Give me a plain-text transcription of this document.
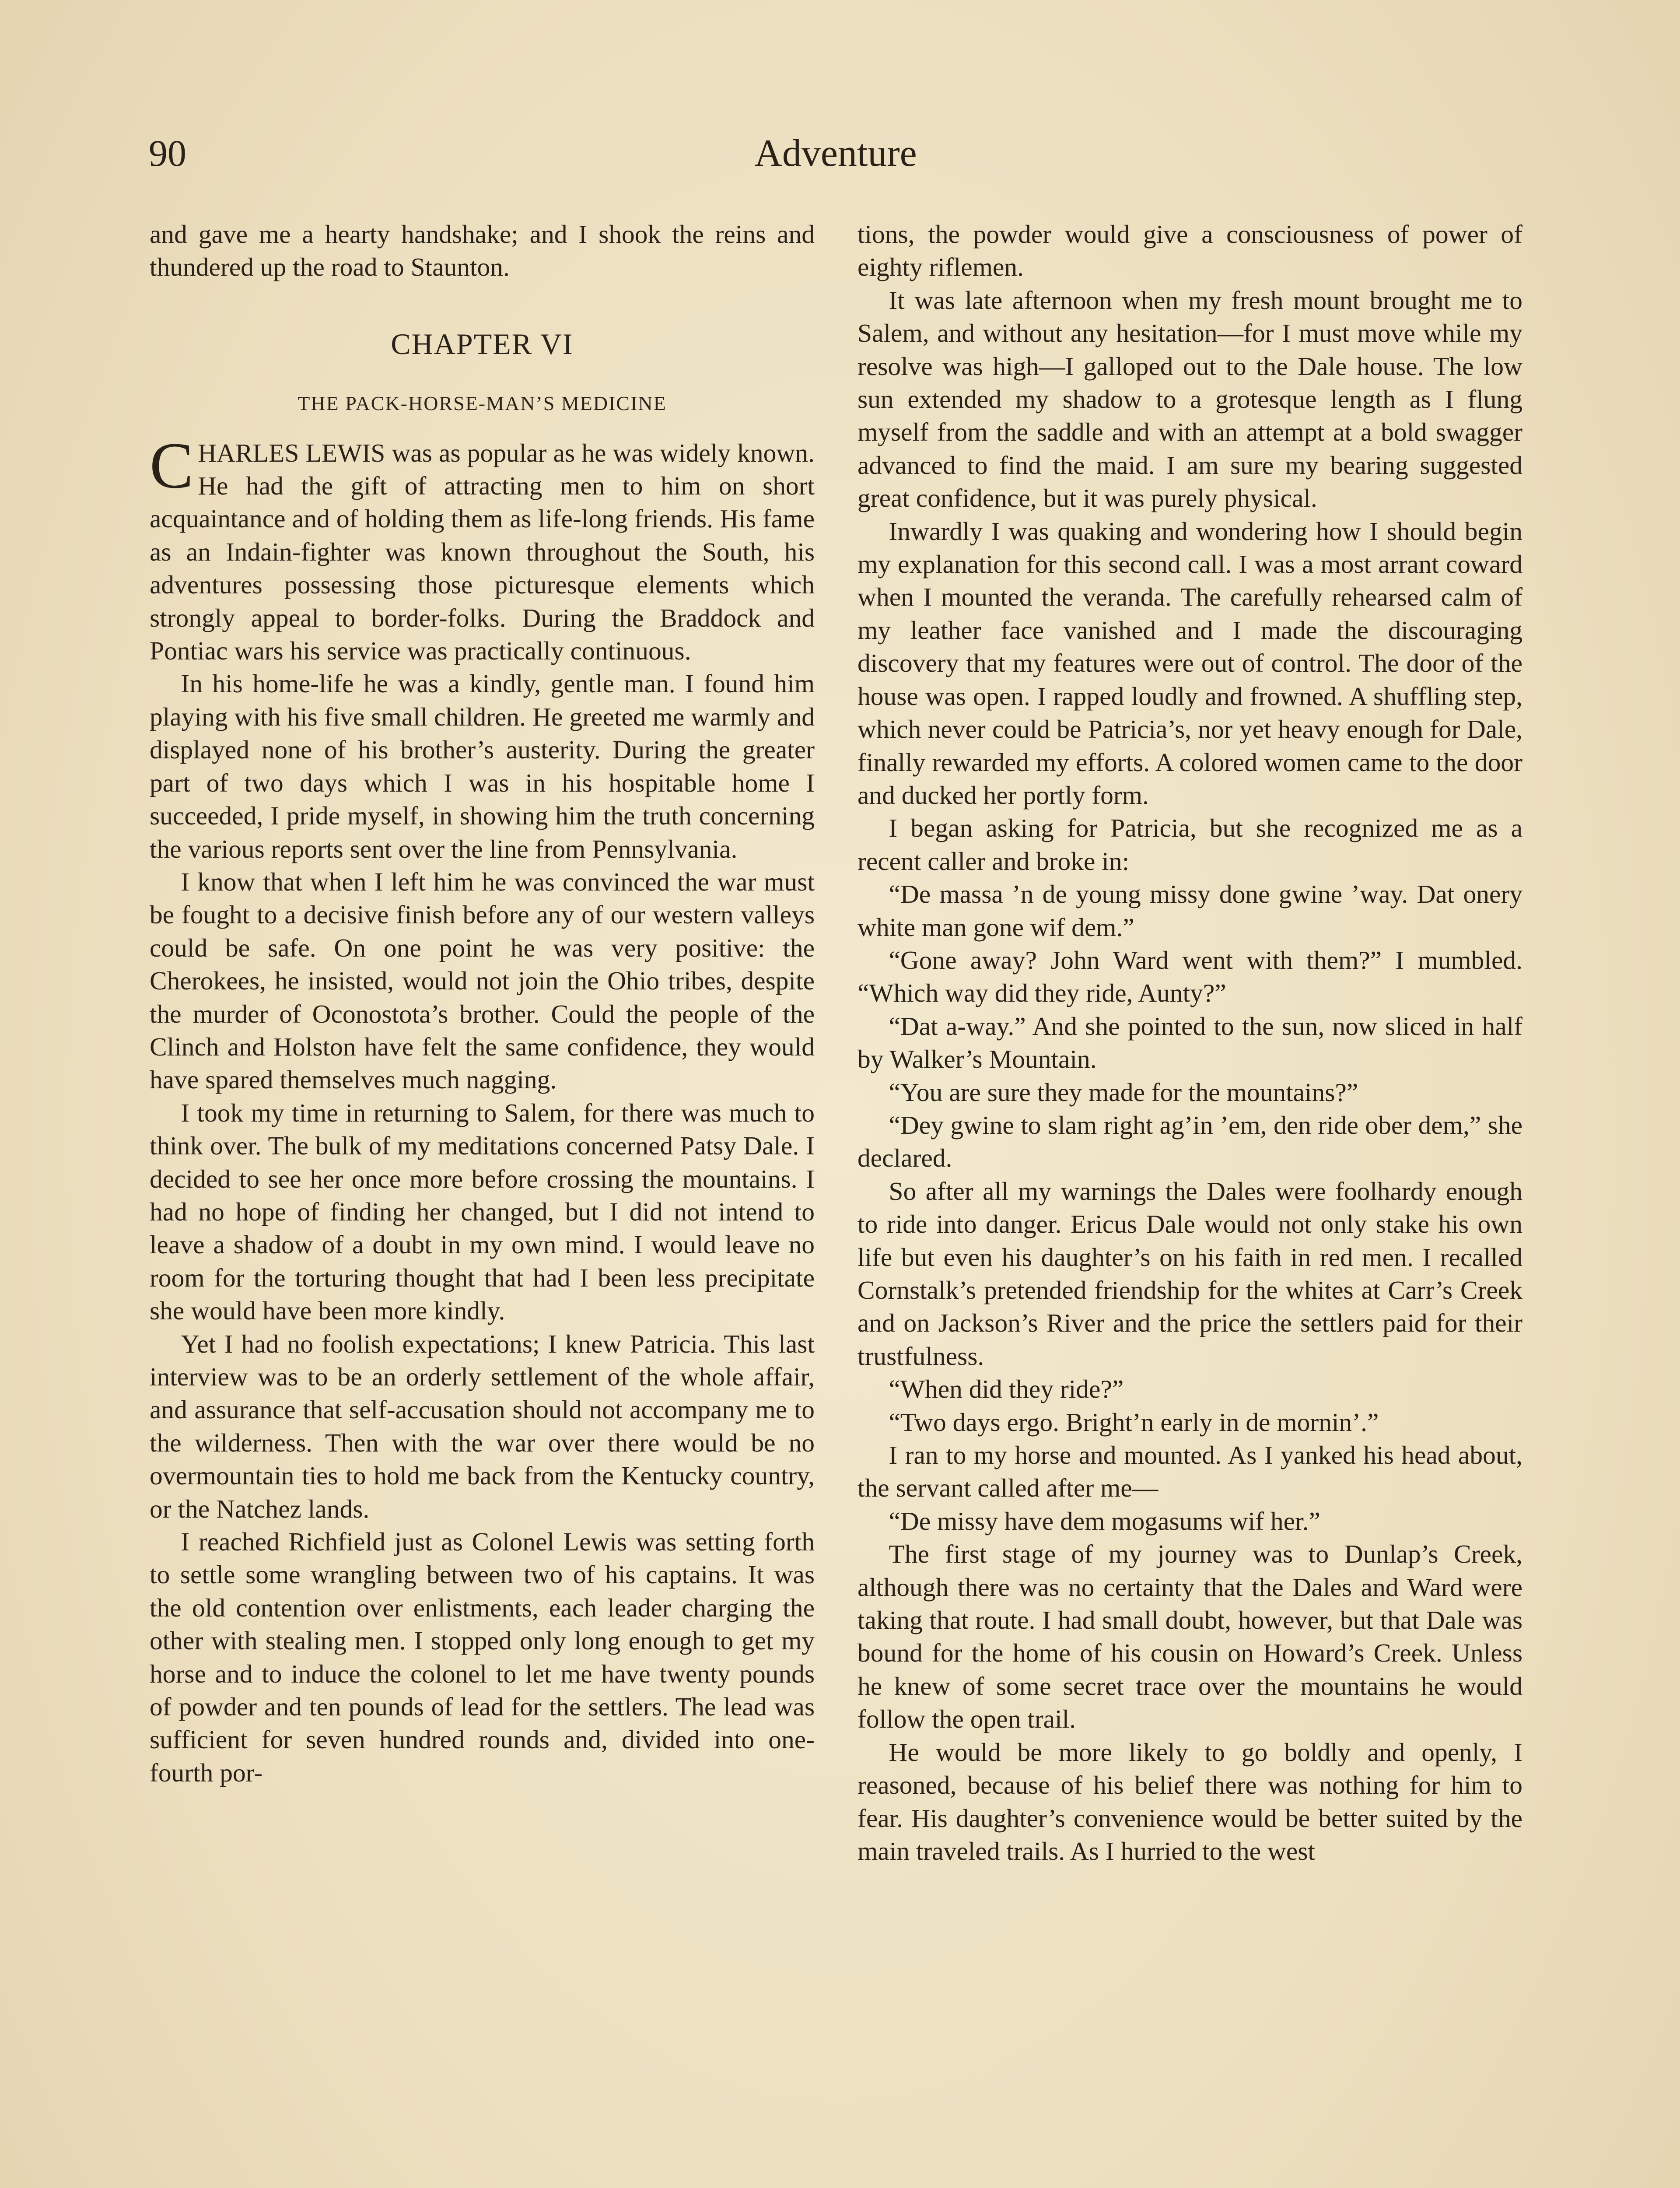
90	Adventure

and gave me a hearty handshake; and I shook the reins and thundered up the road to Staunton.

CHAPTER VI
THE PACK-HORSE-MAN’S MEDICINE

CHARLES LEWIS was as popular as he was widely known. He had the gift of attracting men to him on short acquaintance and of holding them as life-long friends. His fame as an Indain-fighter was known throughout the South, his adventures possessing those picturesque elements which strongly appeal to border-folks. During the Braddock and Pontiac wars his service was practically continuous.

In his home-life he was a kindly, gentle man. I found him playing with his five small children. He greeted me warmly and displayed none of his brother’s austerity. During the greater part of two days which I was in his hospitable home I succeeded, I pride myself, in showing him the truth concerning the various reports sent over the line from Pennsylvania.

I know that when I left him he was convinced the war must be fought to a decisive finish before any of our western valleys could be safe. On one point he was very positive: the Cherokees, he insisted, would not join the Ohio tribes, despite the murder of Oconostota’s brother. Could the people of the Clinch and Holston have felt the same confidence, they would have spared themselves much nagging.

I took my time in returning to Salem, for there was much to think over. The bulk of my meditations concerned Patsy Dale. I decided to see her once more before crossing the mountains. I had no hope of finding her changed, but I did not intend to leave a shadow of a doubt in my own mind. I would leave no room for the torturing thought that had I been less precipitate she would have been more kindly.

Yet I had no foolish expectations; I knew Patricia. This last interview was to be an orderly settlement of the whole affair, and assurance that self-accusation should not accompany me to the wilderness. Then with the war over there would be no overmountain ties to hold me back from the Kentucky country, or the Natchez lands.

I reached Richfield just as Colonel Lewis was setting forth to settle some wrangling between two of his captains. It was the old contention over enlistments, each leader charging the other with stealing men. I stopped only long enough to get my horse and to induce the colonel to let me have twenty pounds of powder and ten pounds of lead for the settlers. The lead was sufficient for seven hundred rounds and, divided into one-fourth por-

tions, the powder would give a consciousness of power of eighty riflemen.

It was late afternoon when my fresh mount brought me to Salem, and without any hesitation—for I must move while my resolve was high—I galloped out to the Dale house. The low sun extended my shadow to a grotesque length as I flung myself from the saddle and with an attempt at a bold swagger advanced to find the maid. I am sure my bearing suggested great confidence, but it was purely physical.

Inwardly I was quaking and wondering how I should begin my explanation for this second call. I was a most arrant coward when I mounted the veranda. The carefully rehearsed calm of my leather face vanished and I made the discouraging discovery that my features were out of control. The door of the house was open. I rapped loudly and frowned. A shuffling step, which never could be Patricia’s, nor yet heavy enough for Dale, finally rewarded my efforts. A colored women came to the door and ducked her portly form.

I began asking for Patricia, but she recognized me as a recent caller and broke in:

“De massa ’n de young missy done gwine ’way. Dat onery white man gone wif dem.”

“Gone away? John Ward went with them?” I mumbled. “Which way did they ride, Aunty?”

“Dat a-way.” And she pointed to the sun, now sliced in half by Walker’s Mountain.

“You are sure they made for the mountains?”

“Dey gwine to slam right ag’in ’em, den ride ober dem,” she declared.

So after all my warnings the Dales were foolhardy enough to ride into danger. Ericus Dale would not only stake his own life but even his daughter’s on his faith in red men. I recalled Cornstalk’s pretended friendship for the whites at Carr’s Creek and on Jackson’s River and the price the settlers paid for their trustfulness.

“When did they ride?”

“Two days ergo. Bright’n early in de mornin’.”

I ran to my horse and mounted. As I yanked his head about, the servant called after me—

“De missy have dem mogasums wif her.”

The first stage of my journey was to Dunlap’s Creek, although there was no certainty that the Dales and Ward were taking that route. I had small doubt, however, but that Dale was bound for the home of his cousin on Howard’s Creek. Unless he knew of some secret trace over the mountains he would follow the open trail.

He would be more likely to go boldly and openly, I reasoned, because of his belief there was nothing for him to fear. His daughter’s convenience would be better suited by the main traveled trails. As I hurried to the west
